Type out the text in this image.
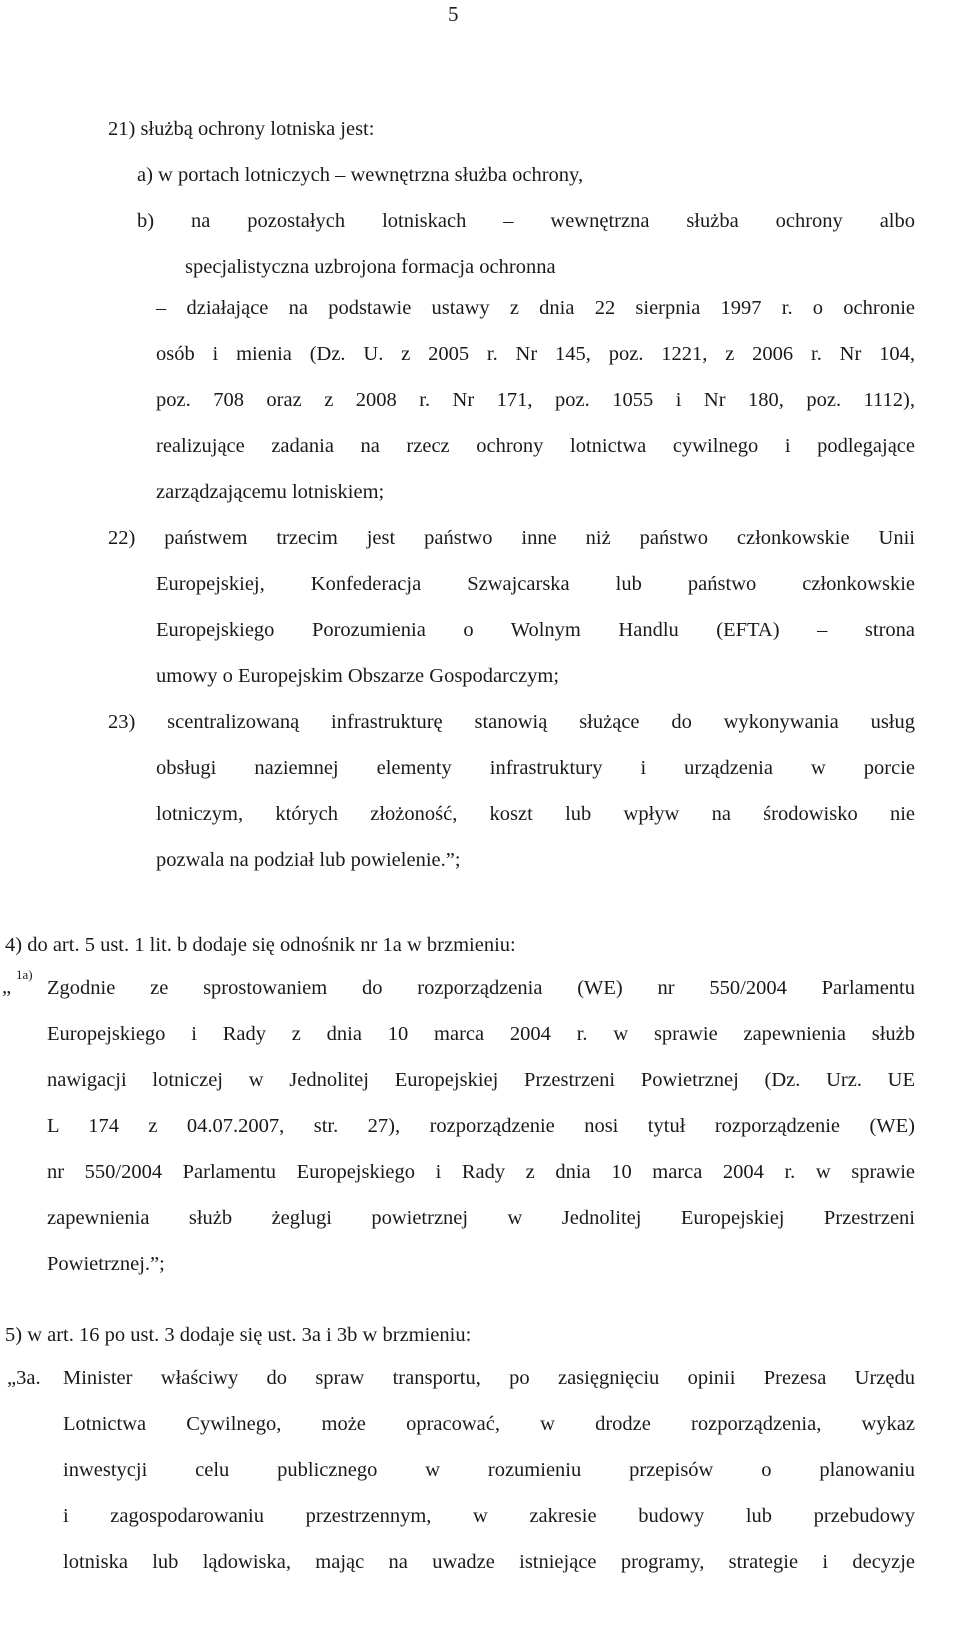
5
21) służbą ochrony lotniska jest:
a) w portach lotniczych – wewnętrzna służba ochrony,
b) na pozostałych lotniskach – wewnętrzna służba ochrony albo
specjalistyczna uzbrojona formacja ochronna
– działające na podstawie ustawy z dnia 22 sierpnia 1997 r. o ochronie
osób i mienia (Dz. U. z 2005 r. Nr 145, poz. 1221, z 2006 r. Nr 104,
poz. 708 oraz z 2008 r. Nr 171, poz. 1055 i Nr 180, poz. 1112),
realizujące zadania na rzecz ochrony lotnictwa cywilnego i podlegające
zarządzającemu lotniskiem;
22) państwem trzecim jest państwo inne niż państwo członkowskie Unii
Europejskiej, Konfederacja Szwajcarska lub państwo członkowskie
Europejskiego Porozumienia o Wolnym Handlu (EFTA) – strona
umowy o Europejskim Obszarze Gospodarczym;
23) scentralizowaną infrastrukturę stanowią służące do wykonywania usług
obsługi naziemnej elementy infrastruktury i urządzenia w porcie
lotniczym, których złożoność, koszt lub wpływ na środowisko nie
pozwala na podział lub powielenie.”;
4) do art. 5 ust. 1 lit. b dodaje się odnośnik nr 1a w brzmieniu:
„
1a)
Zgodnie ze sprostowaniem do rozporządzenia (WE) nr 550/2004 Parlamentu
Europejskiego i Rady z dnia 10 marca 2004 r. w sprawie zapewnienia służb
nawigacji lotniczej w Jednolitej Europejskiej Przestrzeni Powietrznej (Dz. Urz. UE
L 174 z 04.07.2007, str. 27), rozporządzenie nosi tytuł rozporządzenie (WE)
nr 550/2004 Parlamentu Europejskiego i Rady z dnia 10 marca 2004 r. w sprawie
zapewnienia służb żeglugi powietrznej w Jednolitej Europejskiej Przestrzeni
Powietrznej.”;
5) w art. 16 po ust. 3 dodaje się ust. 3a i 3b w brzmieniu:
„3a. Minister właściwy do spraw transportu, po zasięgnięciu opinii Prezesa Urzędu
Lotnictwa Cywilnego, może opracować, w drodze rozporządzenia, wykaz
inwestycji celu publicznego w rozumieniu przepisów o planowaniu
i zagospodarowaniu przestrzennym, w zakresie budowy lub przebudowy
lotniska lub lądowiska, mając na uwadze istniejące programy, strategie i decyzje
